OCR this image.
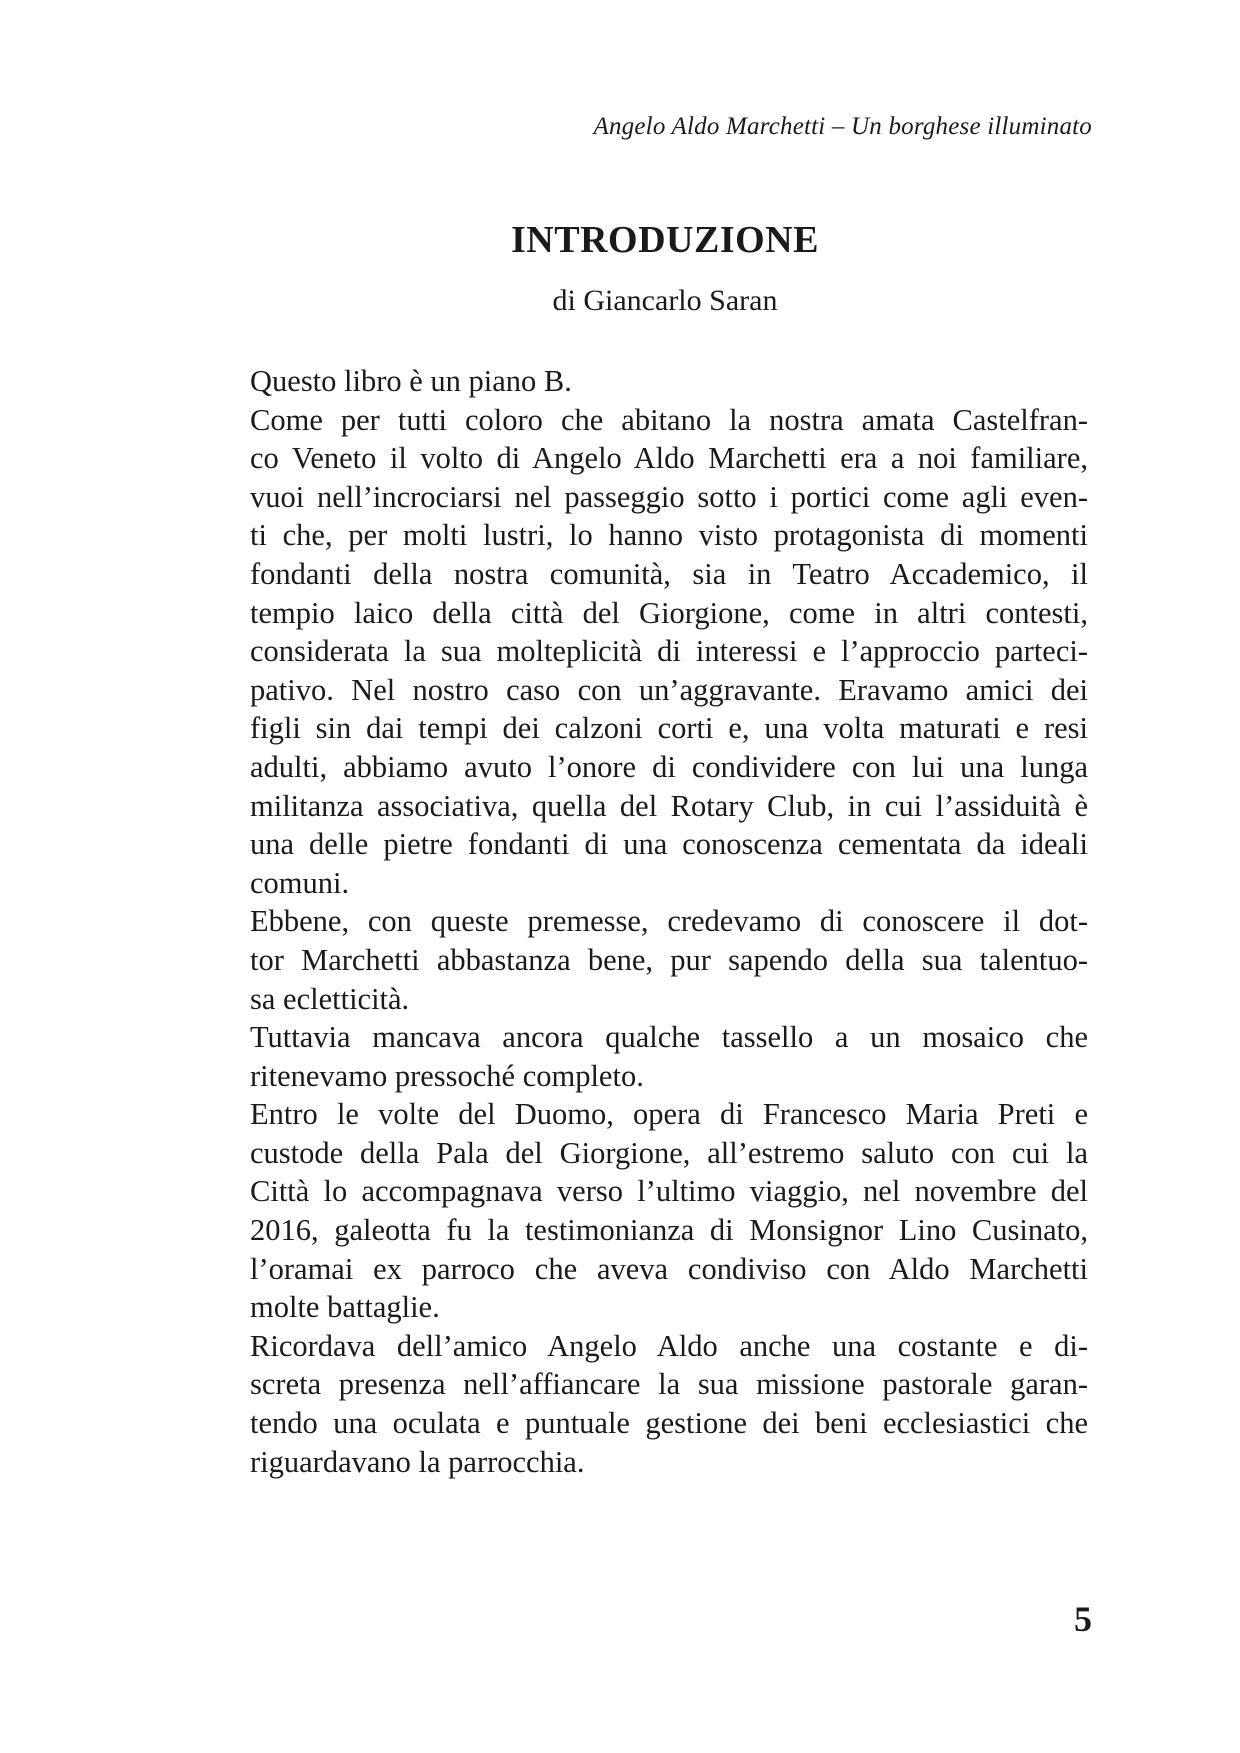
Angelo Aldo Marchetti – Un borghese illuminato
INTRODUZIONE
di Giancarlo Saran
Questo libro è un piano B.
Come per tutti coloro che abitano la nostra amata Castelfran-
co Veneto il volto di Angelo Aldo Marchetti era a noi familiare,
vuoi nell’incrociarsi nel passeggio sotto i portici come agli even-
ti che, per molti lustri, lo hanno visto protagonista di momenti
fondanti della nostra comunità, sia in Teatro Accademico, il
tempio laico della città del Giorgione, come in altri contesti,
considerata la sua molteplicità di interessi e l’approccio parteci-
pativo. Nel nostro caso con un’aggravante. Eravamo amici dei
figli sin dai tempi dei calzoni corti e, una volta maturati e resi
adulti, abbiamo avuto l’onore di condividere con lui una lunga
militanza associativa, quella del Rotary Club, in cui l’assiduità è
una delle pietre fondanti di una conoscenza cementata da ideali
comuni.
Ebbene, con queste premesse, credevamo di conoscere il dot-
tor Marchetti abbastanza bene, pur sapendo della sua talentuo-
sa ecletticità.
Tuttavia mancava ancora qualche tassello a un mosaico che
ritenevamo pressoché completo.
Entro le volte del Duomo, opera di Francesco Maria Preti e
custode della Pala del Giorgione, all’estremo saluto con cui la
Città lo accompagnava verso l’ultimo viaggio, nel novembre del
2016, galeotta fu la testimonianza di Monsignor Lino Cusinato,
l’oramai ex parroco che aveva condiviso con Aldo Marchetti
molte battaglie.
Ricordava dell’amico Angelo Aldo anche una costante e di-
screta presenza nell’affiancare la sua missione pastorale garan-
tendo una oculata e puntuale gestione dei beni ecclesiastici che
riguardavano la parrocchia.
5
